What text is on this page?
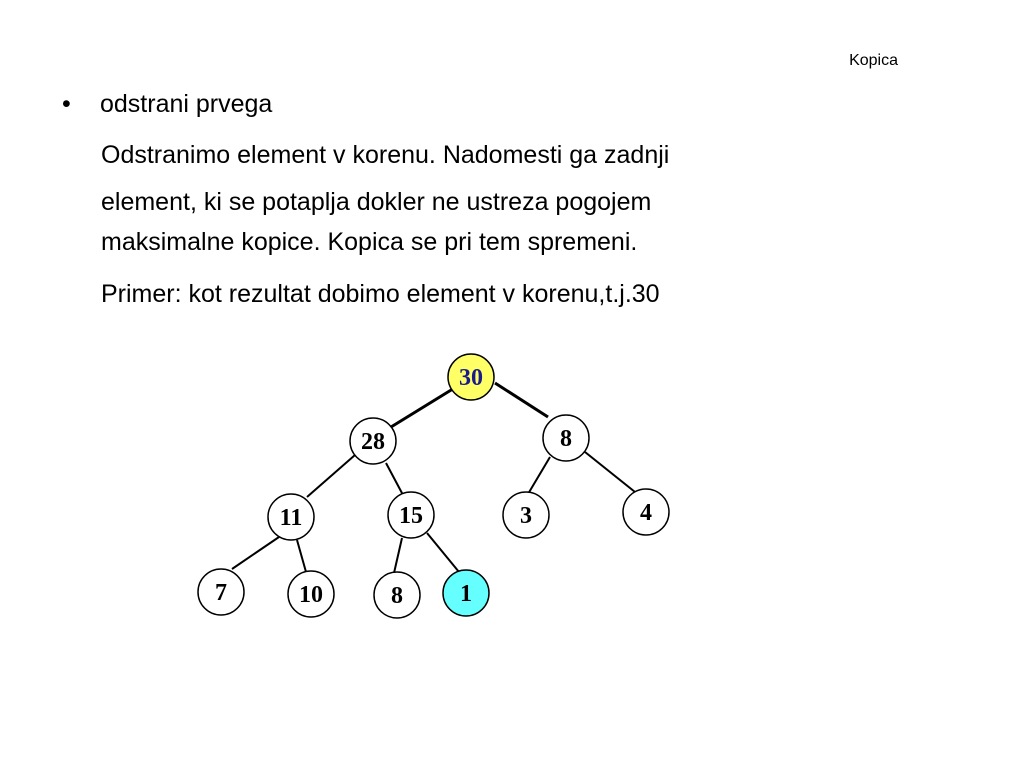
Kopica
•	odstrani prvega
Odstranimo element v korenu. Nadomesti ga zadnji
element, ki se potaplja dokler ne ustreza pogojem
maksimalne kopice. Kopica se pri tem spremeni.
Primer: kot rezultat dobimo element v korenu,t.j.30
30
28	8
11	15	3	4
7	10	8 1
